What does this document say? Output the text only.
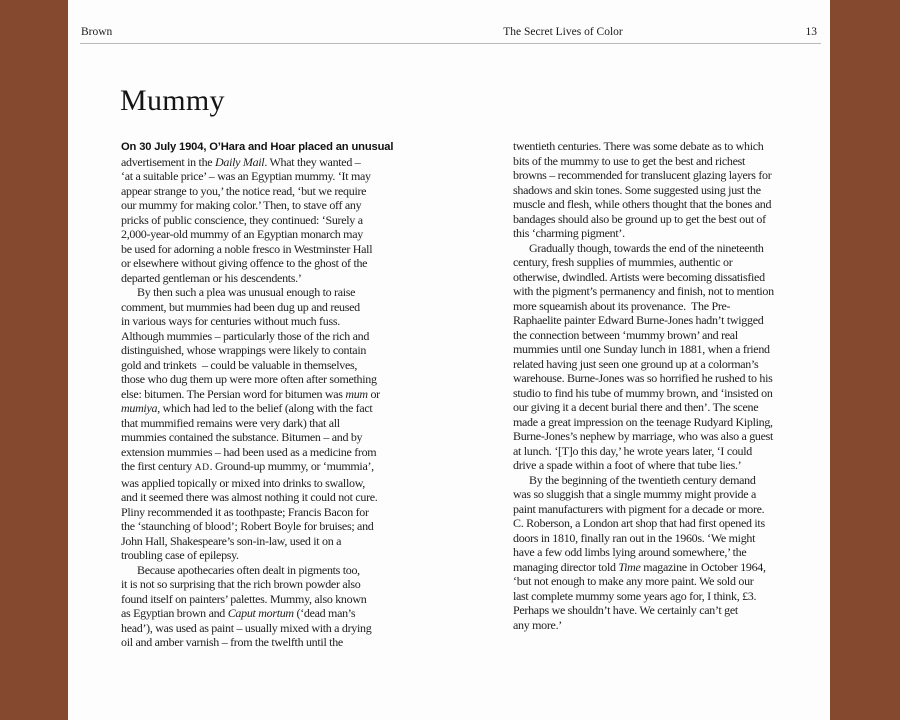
Brown	The Secret Lives of Color	13
Mummy
On 30 July 1904, O’Hara and Hoar placed an unusual
advertisement in the Daily Mail. What they wanted –
‘at a suitable price’ – was an Egyptian mummy. ‘It may
appear strange to you,’ the notice read, ‘but we require
our mummy for making color.’ Then, to stave off any
pricks of public conscience, they continued: ‘Surely a
2,000-year-old mummy of an Egyptian monarch may
be used for adorning a noble fresco in Westminster Hall
or elsewhere without giving offence to the ghost of the
departed gentleman or his descendents.’
By then such a plea was unusual enough to raise
comment, but mummies had been dug up and reused
in various ways for centuries without much fuss.
Although mummies – particularly those of the rich and
distinguished, whose wrappings were likely to contain
gold and trinkets  – could be valuable in themselves,
those who dug them up were more often after something
else: bitumen. The Persian word for bitumen was mum or
mumiya, which had led to the belief (along with the fact
that mummified remains were very dark) that all
mummies contained the substance. Bitumen – and by
extension mummies – had been used as a medicine from
the first century AD. Ground-up mummy, or ‘mummia’,
was applied topically or mixed into drinks to swallow,
and it seemed there was almost nothing it could not cure.
Pliny recommended it as toothpaste; Francis Bacon for
the ‘staunching of blood’; Robert Boyle for bruises; and
John Hall, Shakespeare’s son-in-law, used it on a
troubling case of epilepsy.
Because apothecaries often dealt in pigments too,
it is not so surprising that the rich brown powder also
found itself on painters’ palettes. Mummy, also known
as Egyptian brown and Caput mortum (‘dead man’s
head’), was used as paint – usually mixed with a drying
oil and amber varnish – from the twelfth until the
twentieth centuries. There was some debate as to which
bits of the mummy to use to get the best and richest
browns – recommended for translucent glazing layers for
shadows and skin tones. Some suggested using just the
muscle and flesh, while others thought that the bones and
bandages should also be ground up to get the best out of
this ‘charming pigment’.
Gradually though, towards the end of the nineteenth
century, fresh supplies of mummies, authentic or
otherwise, dwindled. Artists were becoming dissatisfied
with the pigment’s permanency and finish, not to mention
more squeamish about its provenance.  The Pre-
Raphaelite painter Edward Burne-Jones hadn’t twigged
the connection between ‘mummy brown’ and real
mummies until one Sunday lunch in 1881, when a friend
related having just seen one ground up at a colorman’s
warehouse. Burne-Jones was so horrified he rushed to his
studio to find his tube of mummy brown, and ‘insisted on
our giving it a decent burial there and then’. The scene
made a great impression on the teenage Rudyard Kipling,
Burne-Jones’s nephew by marriage, who was also a guest
at lunch. ‘[T]o this day,’ he wrote years later, ‘I could
drive a spade within a foot of where that tube lies.’
By the beginning of the twentieth century demand
was so sluggish that a single mummy might provide a
paint manufacturers with pigment for a decade or more.
C. Roberson, a London art shop that had first opened its
doors in 1810, finally ran out in the 1960s. ‘We might
have a few odd limbs lying around somewhere,’ the
managing director told Time magazine in October 1964,
‘but not enough to make any more paint. We sold our
last complete mummy some years ago for, I think, £3.
Perhaps we shouldn’t have. We certainly can’t get
any more.’
